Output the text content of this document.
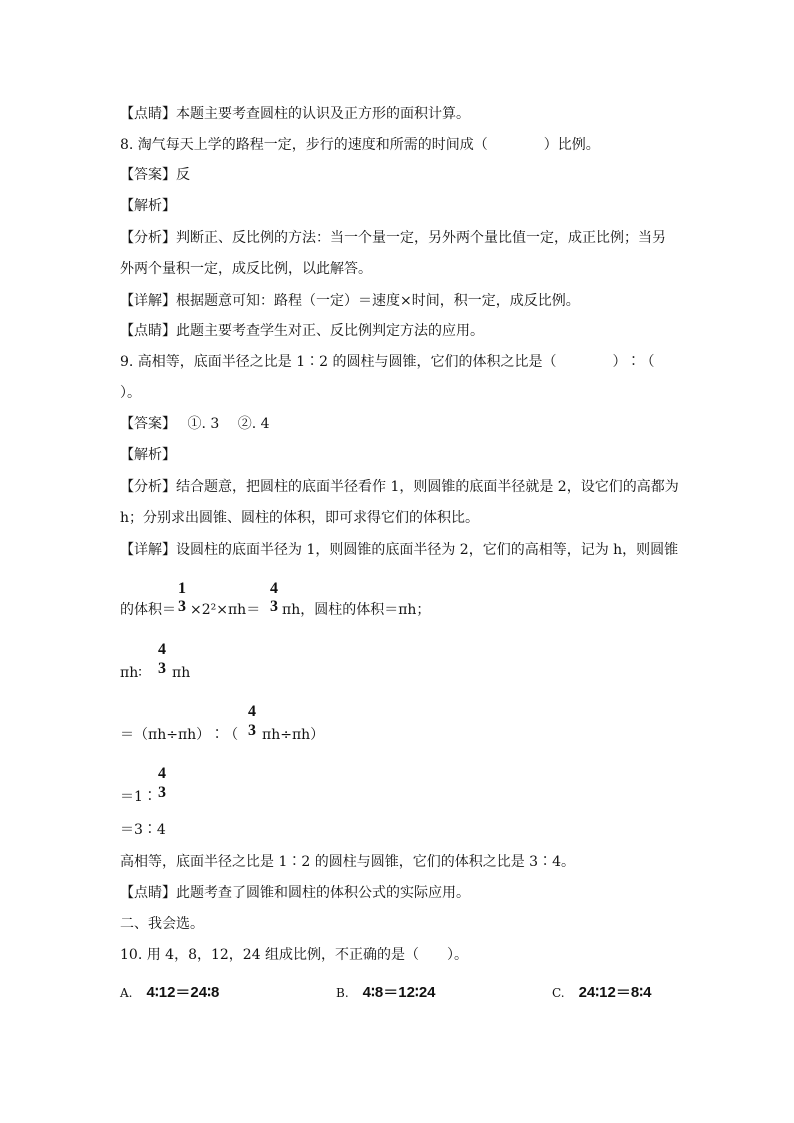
【点睛】本题主要考查圆柱的认识及正方形的面积计算。
8. 淘气每天上学的路程一定，步行的速度和所需的时间成（　　　　）比例。
【答案】反
【解析】
【分析】判断正、反比例的方法：当一个量一定，另外两个量比值一定，成正比例；当另
外两个量积一定，成反比例，以此解答。
【详解】根据题意可知：路程（一定）＝速度×时间，积一定，成反比例。
【点睛】此题主要考查学生对正、反比例判定方法的应用。
9. 高相等，底面半径之比是 1∶2 的圆柱与圆锥，它们的体积之比是（　　　　）∶（
）。
【答案】　 ①. 3　 ②. 4
【解析】
【分析】结合题意，把圆柱的底面半径看作 1，则圆锥的底面半径就是 2，设它们的高都为
h；分别求出圆锥、圆柱的体积，即可求得它们的体积比。
【详解】设圆柱的底面半径为 1，则圆锥的底面半径为 2，它们的高相等，记为 h，则圆锥
的体积＝
1
3 ×2²×πh＝
4
3 πh，圆柱的体积＝πh；
πh∶
4
3 πh
＝（πh÷πh）∶（
4
3 πh÷πh）
＝1∶
4
3
＝3∶4
高相等，底面半径之比是 1∶2 的圆柱与圆锥，它们的体积之比是 3∶4。
【点睛】此题考查了圆锥和圆柱的体积公式的实际应用。
二、我会选。
10. 用 4，8，12，24 组成比例，不正确的是（　　）。
A. 4∶12＝24∶8	B. 4∶8＝12∶24	C. 24∶12＝8∶4
